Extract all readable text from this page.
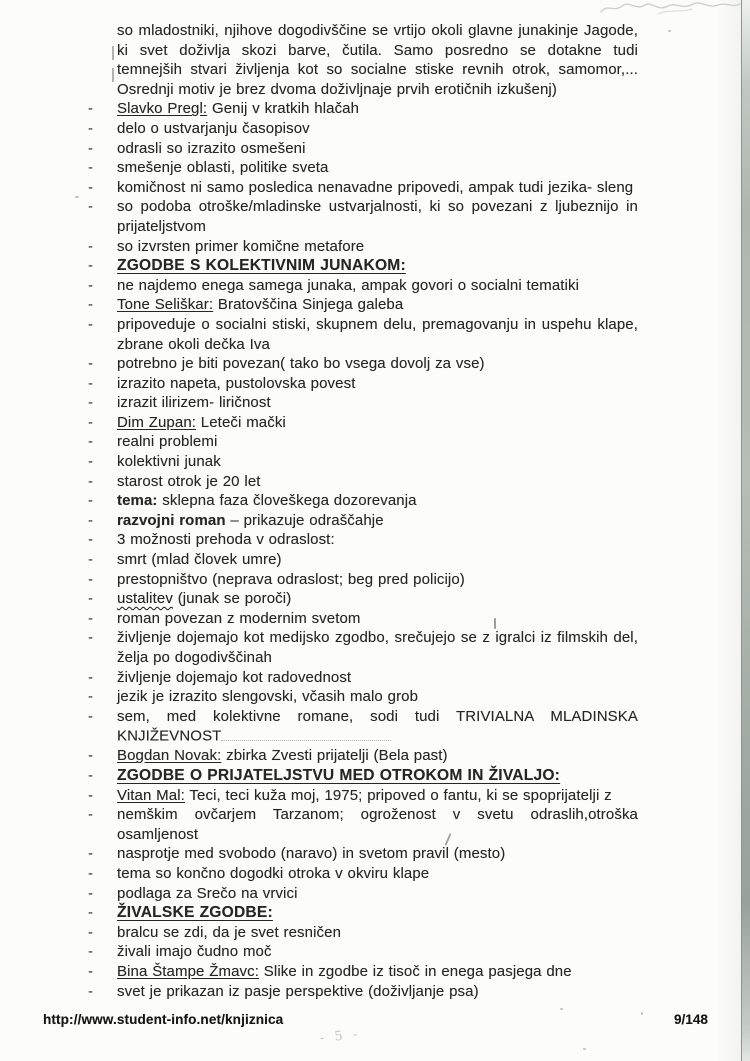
so mladostniki, njihove dogodivščine se vrtijo okoli glavne junakinje Jagode, ki svet doživlja skozi barve, čutila. Samo posredno se dotakne tudi temnejših stvari življenja kot so socialne stiske revnih otrok, samomor,... Osrednji motiv je brez dvoma doživljnaje prvih erotičnih izkušenj)
-	Slavko Pregl: Genij v kratkih hlačah
-	delo o ustvarjanju časopisov
-	odrasli so izrazito osmešeni
-	smešenje oblasti, politike sveta
-	komičnost ni samo posledica nenavadne pripovedi, ampak tudi jezika- sleng
-	so podoba otroške/mladinske ustvarjalnosti, ki so povezani z ljubeznijo in prijateljstvom
-	so izvrsten primer komične metafore
-	ZGODBE S KOLEKTIVNIM JUNAKOM:
-	ne najdemo enega samega junaka, ampak govori o socialni tematiki
-	Tone Seliškar: Bratovščina Sinjega galeba
-	pripoveduje o socialni stiski, skupnem delu, premagovanju in uspehu klape, zbrane okoli dečka Iva
-	potrebno je biti povezan( tako bo vsega dovolj za vse)
-	izrazito napeta, pustolovska povest
-	izrazit ilirizem- liričnost
-	Dim Zupan: Leteči mački
-	realni problemi
-	kolektivni junak
-	starost otrok je 20 let
-	tema: sklepna faza človeškega dozorevanja
-	razvojni roman – prikazuje odraščahje
-	3 možnosti prehoda v odraslost:
-	smrt (mlad človek umre)
-	prestopništvo (neprava odraslost; beg pred policijo)
-	ustalitev (junak se poroči)
-	roman povezan z modernim svetom
-	življenje dojemajo kot medijsko zgodbo, srečujejo se z igralci iz filmskih del, želja po dogodivščinah
-	življenje dojemajo kot radovednost
-	jezik je izrazito slengovski, včasih malo grob
-	sem, med kolektivne romane, sodi tudi TRIVIALNA MLADINSKA KNJIŽEVNOST
-	Bogdan Novak: zbirka Zvesti prijatelji (Bela past)
-	ZGODBE O PRIJATELJSTVU MED OTROKOM IN ŽIVALJO:
-	Vitan Mal: Teci, teci kuža moj, 1975; pripoved o fantu, ki se spoprijatelji z
-	nemškim ovčarjem Tarzanom; ogroženost v svetu odraslih,otroška osamljenost
-	nasprotje med svobodo (naravo) in svetom pravil (mesto)
-	tema so končno dogodki otroka v okviru klape
-	podlaga za Srečo na vrvici
-	ŽIVALSKE ZGODBE:
-	bralcu se zdi, da je svet resničen
-	živali imajo čudno moč
-	Bina Štampe Žmavc: Slike in zgodbe iz tisoč in enega pasjega dne
-	svet je prikazan iz pasje perspektive (doživljanje psa)
http://www.student-info.net/knjiznica	9/148
- 5 -
